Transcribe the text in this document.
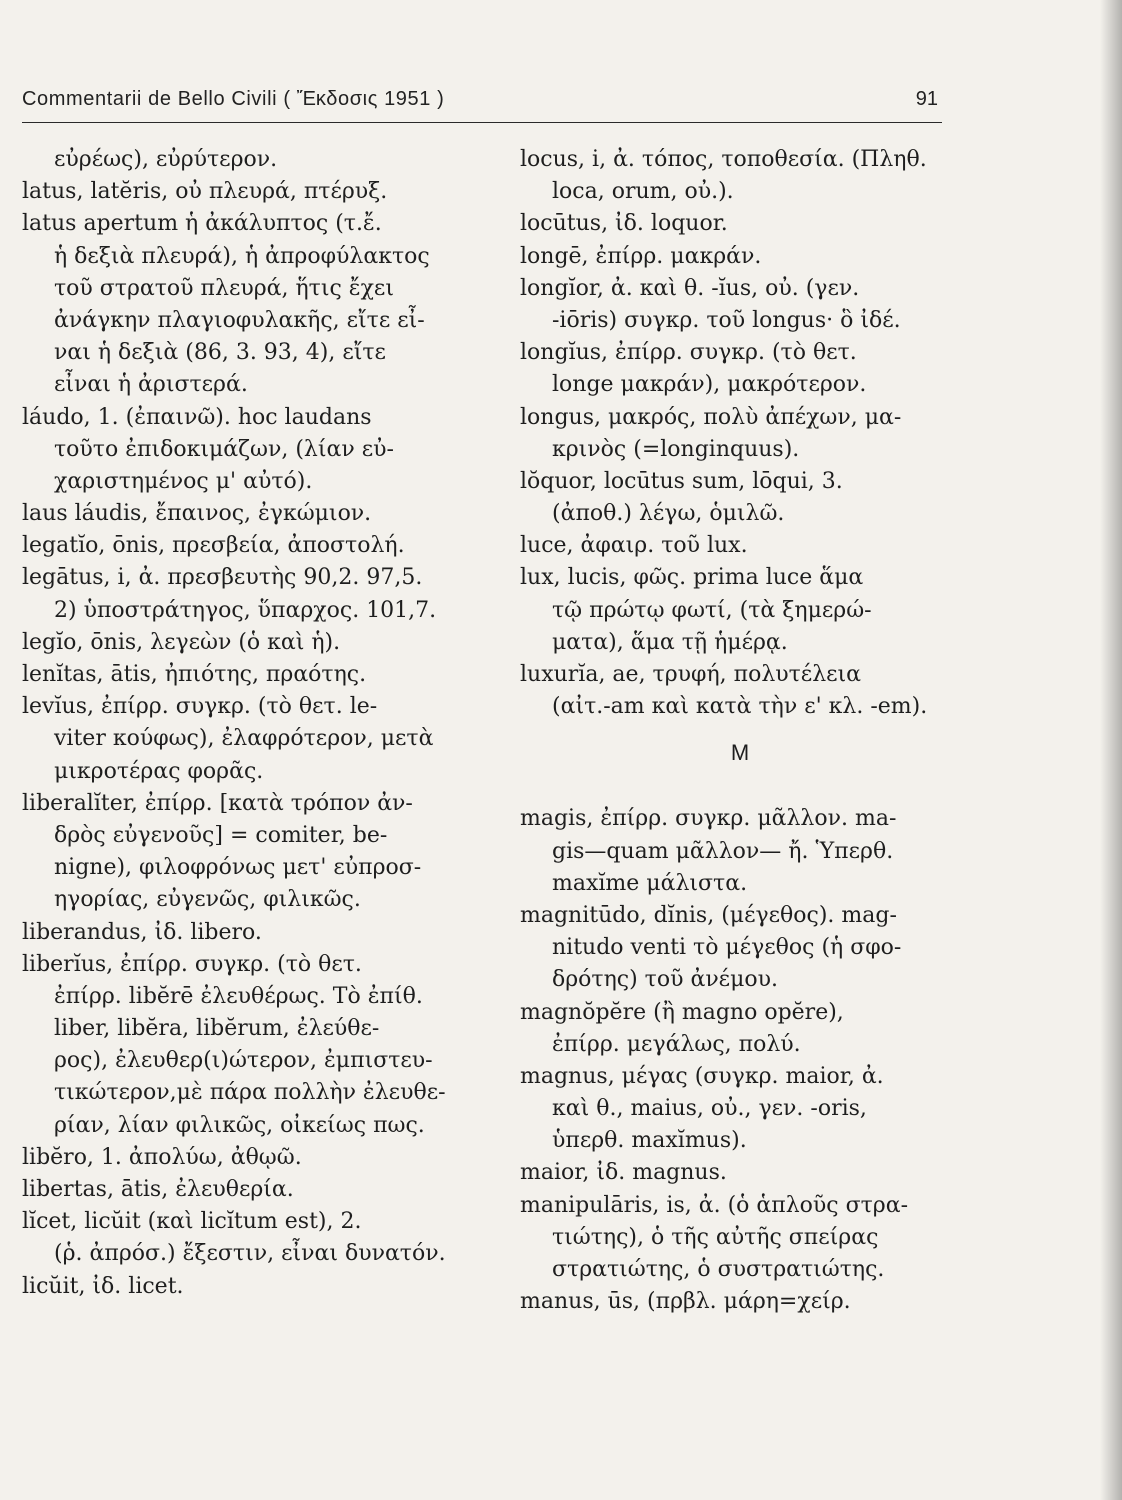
Commentarii de Bello Civili ( Ἔκδοσις 1951 )	91
εὐρέως), εὐρύτερον.
latus, latĕris, οὐ πλευρά, πτέρυξ.
latus apertum ἡ ἀκάλυπτος (τ.ἔ.
ἡ δεξιὰ πλευρά), ἡ ἀπροφύλακτος
τοῦ στρατοῦ πλευρά, ἥτις ἔχει
ἀνάγκην πλαγιοφυλακῆς, εἴτε εἶ-
ναι ἡ δεξιὰ (86, 3. 93, 4), εἴτε
εἶναι ἡ ἀριστερά.
láudo, 1. (ἐπαινῶ). hoc laudans
τοῦτο ἐπιδοκιμάζων, (λίαν εὐ-
χαριστημένος μ' αὐτό).
laus láudis, ἔπαινος, ἐγκώμιον.
legatĭo, ōnis, πρεσβεία, ἀποστολή.
legātus, i, ἀ. πρεσβευτὴς 90,2. 97,5.
2) ὑποστράτηγος, ὕπαρχος. 101,7.
legĭo, ōnis, λεγεὼν (ὁ καὶ ἡ).
lenĭtas, ātis, ἠπιότης, πραότης.
levĭus, ἐπίρρ. συγκρ. (τὸ θετ. le-
viter κούφως), ἐλαφρότερον, μετὰ
μικροτέρας φορᾶς.
liberalĭter, ἐπίρρ. [κατὰ τρόπον ἀν-
δρὸς εὐγενοῦς] = comiter, be-
nigne), φιλοφρόνως μετ' εὐπροσ-
ηγορίας, εὐγενῶς, φιλικῶς.
liberandus, ἰδ. libero.
liberĭus, ἐπίρρ. συγκρ. (τὸ θετ.
ἐπίρρ. libĕrē ἐλευθέρως. Τὸ ἐπίθ.
liber, libĕra, libĕrum, ἐλεύθε-
ρος), ἐλευθερ(ι)ώτερον, ἐμπιστευ-
τικώτερον,μὲ πάρα πολλὴν ἐλευθε-
ρίαν, λίαν φιλικῶς, οἰκείως πως.
libĕro, 1. ἀπολύω, ἀθῳῶ.
libertas, ātis, ἐλευθερία.
lĭcet, licŭit (καὶ licĭtum est), 2.
(ῥ. ἀπρόσ.) ἔξεστιν, εἶναι δυνατόν.
licŭit, ἰδ. licet.
locus, i, ἀ. τόπος, τοποθεσία. (Πληθ.
loca, orum, οὐ.).
locūtus, ἰδ. loquor.
longē, ἐπίρρ. μακράν.
longĭor, ἀ. καὶ θ. -ĭus, οὐ. (γεν.
-iōris) συγκρ. τοῦ longus· ὃ ἰδέ.
longĭus, ἐπίρρ. συγκρ. (τὸ θετ.
longe μακράν), μακρότερον.
longus, μακρός, πολὺ ἀπέχων, μα-
κρινὸς (=longinquus).
lŏquor, locūtus sum, lōqui, 3.
(ἀποθ.) λέγω, ὁμιλῶ.
luce, ἀφαιρ. τοῦ lux.
lux, lucis, φῶς. prima luce ἅμα
τῷ πρώτῳ φωτί, (τὰ ξημερώ-
ματα), ἅμα τῇ ἡμέρᾳ.
luxurĭa, ae, τρυφή, πολυτέλεια
(αἰτ.-am καὶ κατὰ τὴν ε' κλ. -em).
M
magis, ἐπίρρ. συγκρ. μᾶλλον. ma-
gis—quam μᾶλλον— ἤ. Ὑπερθ.
maxĭme μάλιστα.
magnitūdo, dĭnis, (μέγεθος). mag-
nitudo venti τὸ μέγεθος (ἡ σφο-
δρότης) τοῦ ἀνέμου.
magnŏpĕre (ἢ magno opĕre),
ἐπίρρ. μεγάλως, πολύ.
magnus, μέγας (συγκρ. maior, ἀ.
καὶ θ., maius, οὐ., γεν. -oris,
ὑπερθ. maxĭmus).
maior, ἰδ. magnus.
manipulāris, is, ἀ. (ὁ ἁπλοῦς στρα-
τιώτης), ὁ τῆς αὐτῆς σπείρας
στρατιώτης, ὁ συστρατιώτης.
manus, ūs, (πρβλ. μάρη=χείρ.
